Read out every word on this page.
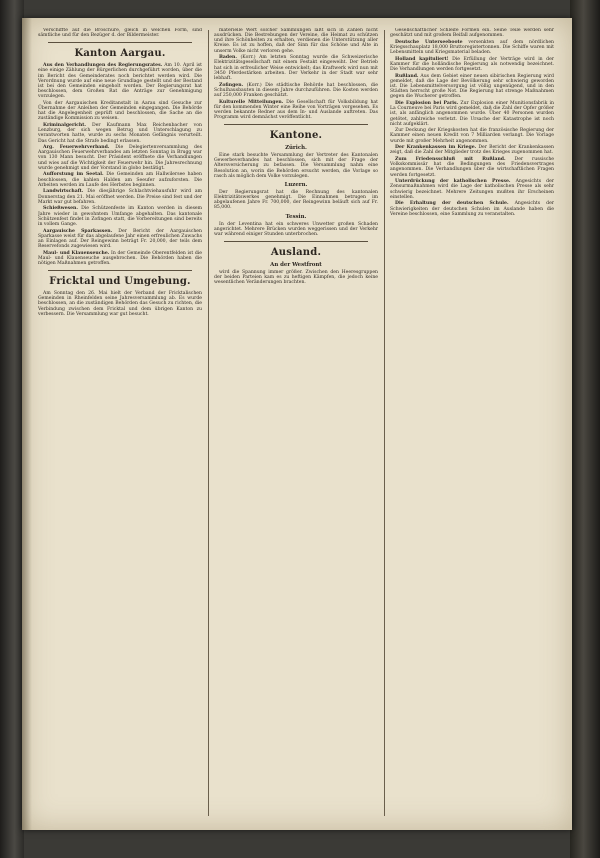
Verschiffte auf die Broschüre, gleich in welchen Form, sind sämtliche und für den Bezüger d. der Bildermeister.

Kanton Aargau.

Aus den Verhandlungen des Regierungsrates. Am 10. April ist eine einige Zählung der Bürgerlichen durchgeführt worden, über die im Bericht des Gemeinderates noch berichtet werden wird. Die Verordnung wurde auf eine neue Grundlage gestellt und der Bestand ist bei den Gemeinden eingeholt worden. Der Regierungsrat hat beschlossen, dem Großen Rat die Anträge zur Genehmigung vorzulegen.

Von der Aargauischen Kreditanstalt in Aarau sind Gesuche zur Übernahme der Anleihen der Gemeinden eingegangen. Die Behörde hat die Angelegenheit geprüft und beschlossen, die Sache an die zuständige Kommission zu weisen.

Kriminalgericht. Der Kaufmann Max Reichenbacher von Lenzburg, der sich wegen Betrug und Unterschlagung zu verantworten hatte, wurde zu sechs Monaten Gefängnis verurteilt. Das Gericht hat die Strafe bedingt erlassen.

Arg. Feuerwehrverband. Die Delegiertenversammlung des Aargauischen Feuerwehrverbandes am letzten Sonntag in Brugg war von 130 Mann besucht. Der Präsident eröffnete die Verhandlungen und wies auf die Wichtigkeit der Feuerwehr hin. Die Jahresrechnung wurde genehmigt und der Vorstand in globo bestätigt.

Aufforstung im Seetal. Die Gemeinden am Hallwilersee haben beschlossen, die kahlen Halden am Seeufer aufzuforsten. Die Arbeiten werden im Laufe des Herbstes beginnen.

Landwirtschaft. Die diesjährige Schlachtviehausfuhr wird am Donnerstag den 21. Mai eröffnet werden. Die Preise sind fest und der Markt war gut befahren.

Schießwesen. Die Schützenfeste im Kanton werden in diesem Jahre wieder in gewohntem Umfange abgehalten. Das kantonale Schützenfest findet in Zofingen statt, die Vorbereitungen sind bereits in vollem Gange.

Aargauische Sparkassen. Der Bericht der Aargauischen Sparkasse weist für das abgelaufene Jahr einen erfreulichen Zuwachs an Einlagen auf. Der Reingewinn beträgt Fr. 20,000, der teils dem Reservefonds zugewiesen wird.

Maul- und Klauenseuche. In der Gemeinde Oberentfelden ist die Maul- und Klauenseuche ausgebrochen. Die Behörden haben die nötigen Maßnahmen getroffen.

Fricktal und Umgebung.

Am Sonntag den 26. Mai hielt der Verband der Fricktalischen Gemeinden in Rheinfelden seine Jahresversammlung ab. Es wurde beschlossen, an die zuständigen Behörden das Gesuch zu richten, die Verbindung zwischen dem Fricktal und dem übrigen Kanton zu verbessern. Die Versammlung war gut besucht.

materielle Wert solcher Sammlungen läßt sich in Zahlen nicht ausdrücken. Die Bestrebungen der Vereine, die Heimat zu schützen und ihre Schönheiten zu erhalten, verdienen die Unterstützung aller Kreise. Es ist zu hoffen, daß der Sinn für das Schöne und Alte in unserm Volke nicht verloren gehe.

Baden. (Korr.) Am letzten Sonntag wurde die Schweizerische Elektrizitätsgesellschaft mit einem Festakt eingeweiht. Der Betrieb hat sich in erfreulicher Weise entwickelt; das Kraftwerk wird nun mit 3450 Pferdestärken arbeiten. Der Verkehr in der Stadt war sehr lebhaft.

Zofingen. (Korr.) Die städtische Behörde hat beschlossen, die Schulhausbauten in diesem Jahre durchzuführen. Die Kosten werden auf 250,000 Franken geschätzt.

Kulturelle Mitteilungen. Die Gesellschaft für Volksbildung hat für den kommenden Winter eine Reihe von Vorträgen vorgesehen. Es werden bekannte Redner aus dem In- und Auslande auftreten. Das Programm wird demnächst veröffentlicht.

Kantone.
Zürich.

Eine stark besuchte Versammlung der Vertreter des Kantonalen Gewerbeverbandes hat beschlossen, sich mit der Frage der Altersversicherung zu befassen. Die Versammlung nahm eine Resolution an, worin die Behörden ersucht werden, die Vorlage so rasch als möglich dem Volke vorzulegen.

Luzern.

Der Regierungsrat hat die Rechnung des kantonalen Elektrizitätswerkes genehmigt. Die Einnahmen betrugen im abgelaufenen Jahre Fr. 700,000, der Reingewinn beläuft sich auf Fr. 85,000.

Tessin.

In der Leventina hat ein schweres Unwetter großen Schaden angerichtet. Mehrere Brücken wurden weggerissen und der Verkehr war während einiger Stunden unterbrochen.

Ausland.
An der Westfront

wird die Spannung immer größer. Zwischen den Heeresgruppen der beiden Parteien kam es zu heftigen Kämpfen, die jedoch keine wesentlichen Veränderungen brachten.

Gesellschaftlicher Schleife Formen ein. Seine Teile werden sehr geschätzt und mit großem Beifall aufgenommen.

Deutsche Unterseeboote versenkten auf dem nördlichen Kriegsschauplatz 18,000 Bruttoregistertonnen. Die Schiffe waren mit Lebensmitteln und Kriegsmaterial beladen.

Holland kapituliert! Die Erfüllung der Verträge wird in der Kammer für die holländische Regierung als notwendig bezeichnet. Die Verhandlungen werden fortgesetzt.

Rußland. Aus dem Gebiet einer neuen sibirischen Regierung wird gemeldet, daß die Lage der Bevölkerung sehr schwierig geworden ist. Die Lebensmittelversorgung ist völlig ungenügend, und in den Städten herrscht große Not. Die Regierung hat strenge Maßnahmen gegen die Wucherer getroffen.

Die Explosion bei Paris. Zur Explosion einer Munitionsfabrik in La Courneuve bei Paris wird gemeldet, daß die Zahl der Opfer größer ist, als anfänglich angenommen wurde. Über 40 Personen wurden getötet, zahlreiche verletzt. Die Ursache der Katastrophe ist noch nicht aufgeklärt.

Zur Deckung der Kriegskosten hat die französische Regierung der Kammer einen neuen Kredit von 7 Milliarden verlangt. Die Vorlage wurde mit großer Mehrheit angenommen.

Der Krankenkassen im Kriege. Der Bericht der Krankenkassen zeigt, daß die Zahl der Mitglieder trotz des Krieges zugenommen hat.

Zum Friedensschluß mit Rußland. Der russische Volkskommissär hat die Bedingungen des Friedensvertrages angenommen. Die Verhandlungen über die wirtschaftlichen Fragen werden fortgesetzt.

Unterdrückung der katholischen Presse. Angesichts der Zensurmaßnahmen wird die Lage der katholischen Presse als sehr schwierig bezeichnet. Mehrere Zeitungen mußten ihr Erscheinen einstellen.

Die Erhaltung der deutschen Schule. Angesichts der Schwierigkeiten der deutschen Schulen im Auslande haben die Vereine beschlossen, eine Sammlung zu veranstalten.
